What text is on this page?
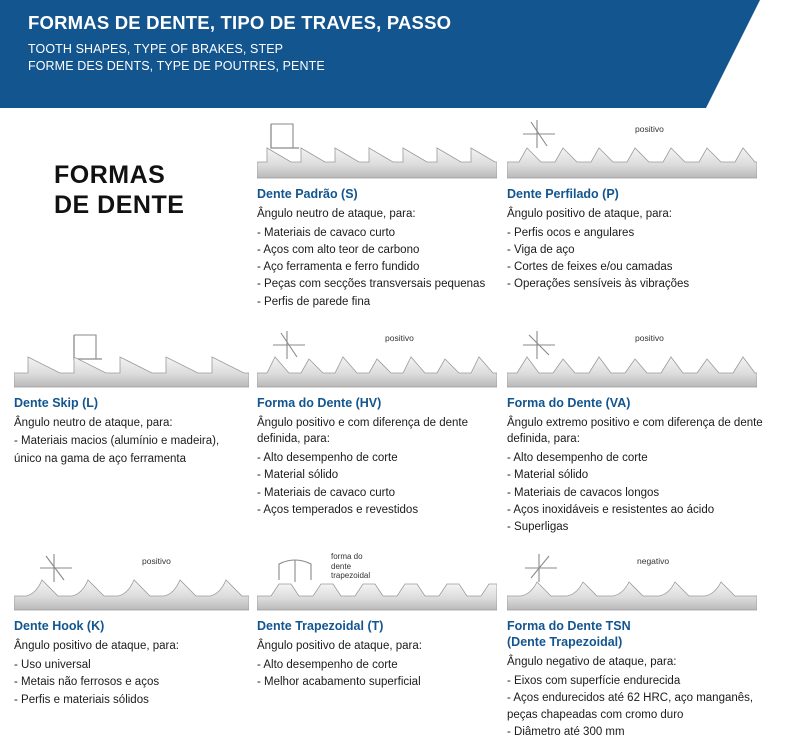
FORMAS DE DENTE, TIPO DE TRAVES, PASSO
TOOTH SHAPES, TYPE OF BRAKES, STEP
FORME DES DENTS, TYPE DE POUTRES, PENTE
FORMAS
DE DENTE	Dente Padrão (S)
Ângulo neutro de ataque, para:
- Materiais de cavaco curto
- Aços com alto teor de carbono
- Aço ferramenta e ferro fundido
- Peças com secções transversais pequenas
- Perfis de parede fina
positivo
Dente Perfilado (P)
Ângulo positivo de ataque, para:
- Perfis ocos e angulares
- Viga de aço
- Cortes de feixes e/ou camadas
- Operações sensíveis às vibrações
Dente Skip (L)
Ângulo neutro de ataque, para:
- Materiais macios (alumínio e madeira),
único na gama de aço ferramenta
positivo
Forma do Dente (HV)
Ângulo positivo e com diferença de dente definida, para:
- Alto desempenho de corte
- Material sólido
- Materiais de cavaco curto
- Aços temperados e revestidos
positivo
Forma do Dente (VA)
Ângulo extremo positivo e com diferença de dente definida, para:
- Alto desempenho de corte
- Material sólido
- Materiais de cavacos longos
- Aços inoxidáveis e resistentes ao ácido
- Superligas
positivo
Dente Hook (K)
Ângulo positivo de ataque, para:
- Uso universal
- Metais não ferrosos e aços
- Perfis e materiais sólidos
forma do
dente
trapezoidal
Dente Trapezoidal (T)
Ângulo positivo de ataque, para:
- Alto desempenho de corte
- Melhor acabamento superficial
negativo
Forma do Dente TSN
(Dente Trapezoidal)
Ângulo negativo de ataque, para:
- Eixos com superfície endurecida
- Aços endurecidos até 62 HRC, aço manganês, peças chapeadas com cromo duro
- Diâmetro até 300 mm
